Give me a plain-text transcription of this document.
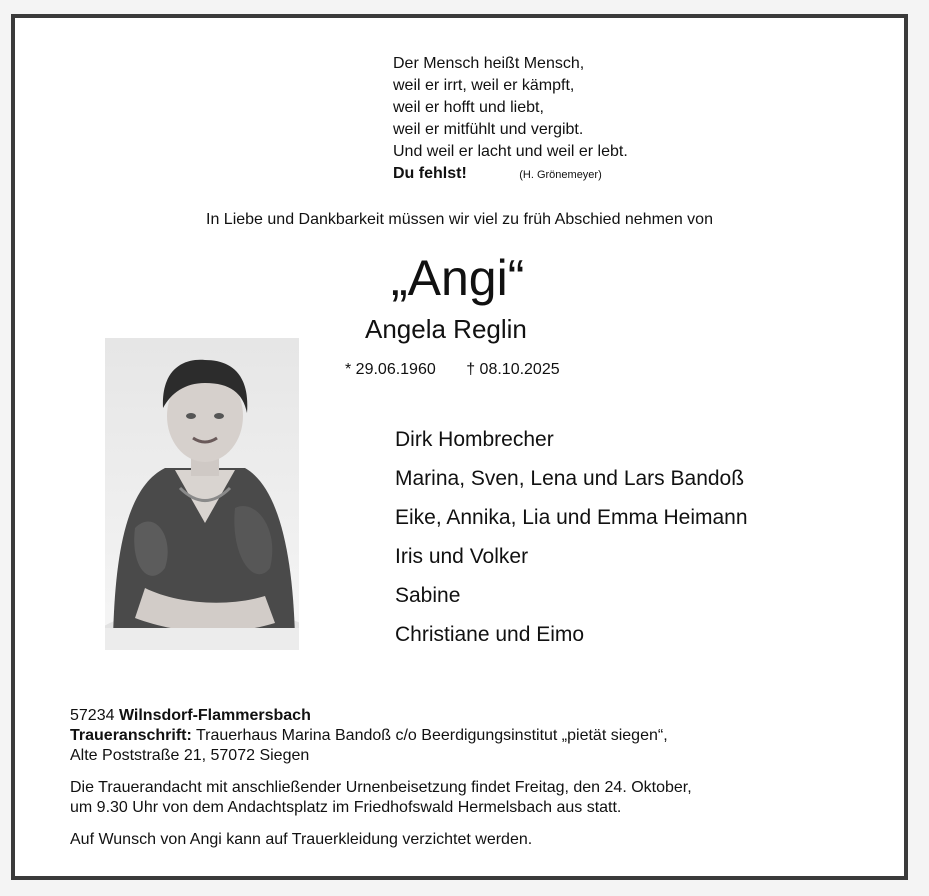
Der Mensch heißt Mensch,
weil er irrt, weil er kämpft,
weil er hofft und liebt,
weil er mitfühlt und vergibt.
Und weil er lacht und weil er lebt.
Du fehlst!	(H. Grönemeyer)
In Liebe und Dankbarkeit müssen wir viel zu früh Abschied nehmen von
„Angi“
Angela Reglin
* 29.06.1960 † 08.10.2025
Dirk Hombrecher
Marina, Sven, Lena und Lars Bandoß
Eike, Annika, Lia und Emma Heimann
Iris und Volker
Sabine
Christiane und Eimo

57234 Wilnsdorf-Flammersbach

Traueranschrift: Trauerhaus Marina Bandoß c/o Beerdigungsinstitut „pietät siegen“,

Alte Poststraße 21, 57072 Siegen

Die Trauerandacht mit anschließender Urnenbeisetzung findet Freitag, den 24. Oktober,

um 9.30 Uhr von dem Andachtsplatz im Friedhofswald Hermelsbach aus statt.

Auf Wunsch von Angi kann auf Trauerkleidung verzichtet werden.
